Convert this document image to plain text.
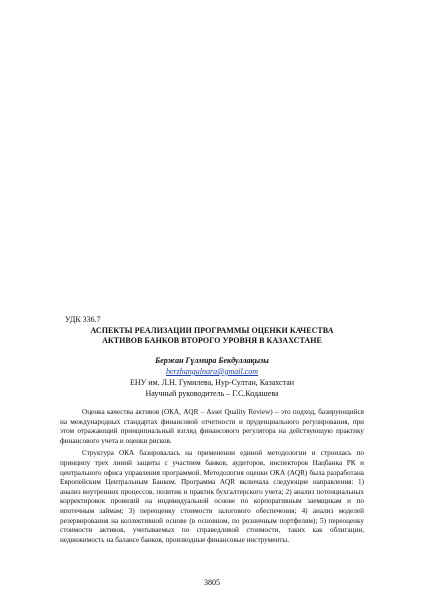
УДК 336.7
АСПЕКТЫ РЕАЛИЗАЦИИ ПРОГРАММЫ ОЦЕНКИ КАЧЕСТВА
АКТИВОВ БАНКОВ ВТОРОГО УРОВНЯ В КАЗАХСТАНЕ
Бержан Гүлмира Бекдуллақызы
berzhangulnara@gmail.com
ЕНУ им. Л.Н. Гумилева, Нур-Султан, Казахстан
Научный руководитель – Г.С.Кодашева

Оценка качества активов (ОКА, AQR – Asset Quality Review) – это подход, базирующийся на международных стандартах финансовой отчетности и пруденциального регулирования, при этом отражающий принципиальный взгляд финансового регулятора на действующую практику финансового учета и оценки рисков.

Структура ОКА базировалась на применении единой методологии и строилась по принципу трех линий защиты с участием банков, аудиторов, инспекторов Нацбанка РК и центрального офиса управления программой. Методология оценки ОКА (AQR) была разработана Европейским Центральным Банком. Программа AQR включала следующие направления: 1) анализ внутренних процессов, политик и практик бухгалтерского учета; 2) анализ потенциальных корректировок провизий на индивидуальной основе по корпоративным заемщикам и по ипотечным займам; 3) переоценку стоимости залогового обеспечения; 4) анализ моделей резервирования на коллективной основе (в основном, по розничным портфелям); 5) переоценку стоимости активов, учитываемых по справедливой стоимости, таких как облигации, недвижимость на балансе банков, производные финансовые инструменты.

3805
